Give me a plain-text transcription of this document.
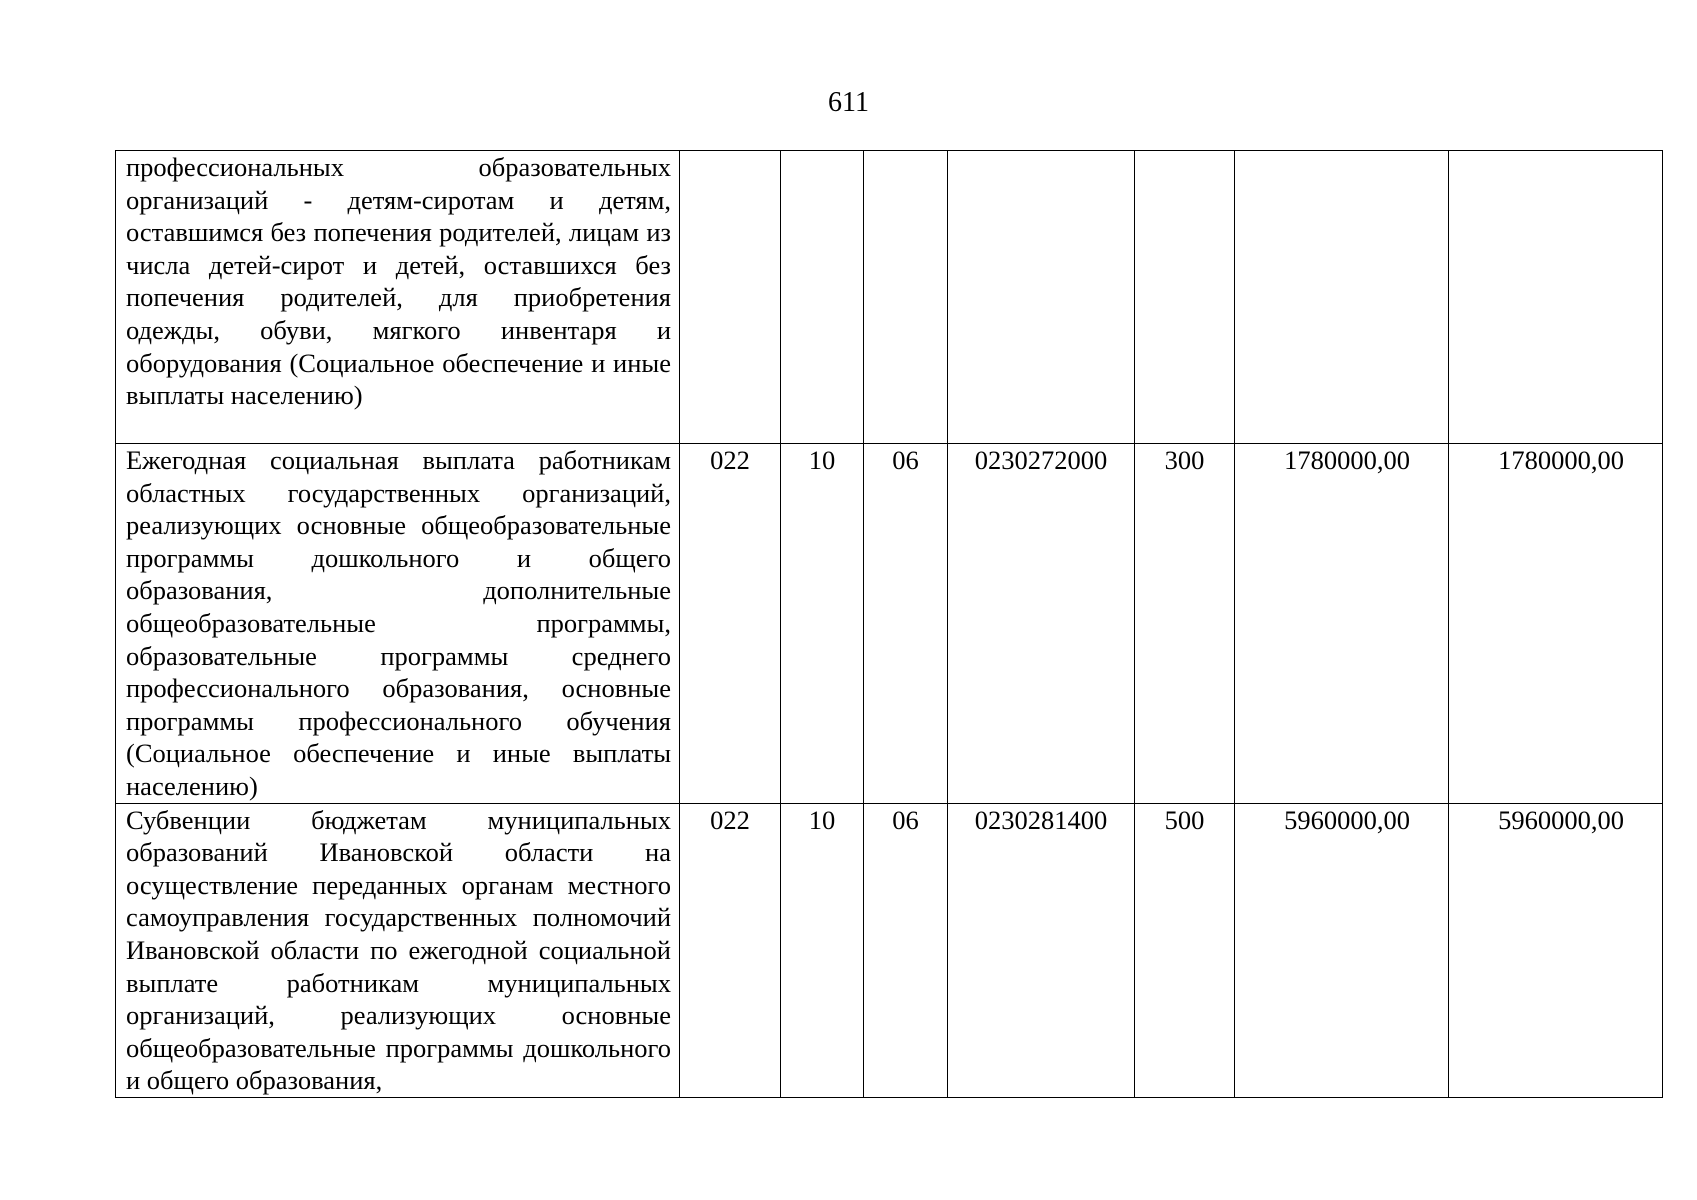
611
профессиональных образовательных организаций - детям-сиротам и детям, оставшимся без попечения родителей, лицам из числа детей-сирот и детей, оставшихся без попечения родителей, для приобретения одежды, обуви, мягкого инвентаря и оборудования (Социальное обеспечение и иные выплаты населению)							
Ежегодная социальная выплата работникам областных государственных организаций, реализующих основные общеобразовательные программы дошкольного и общего образования, дополнительные общеобразовательные программы, образовательные программы среднего профессионального образования, основные программы профессионального обучения (Социальное обеспечение и иные выплаты населению)	022	10	06	0230272000	300	1780000,00	1780000,00
Субвенции бюджетам муниципальных образований Ивановской области на осуществление переданных органам местного самоуправления государственных полномочий Ивановской области по ежегодной социальной выплате работникам муниципальных организаций, реализующих основные общеобразовательные программы дошкольного и общего образования,	022	10	06	0230281400	500	5960000,00	5960000,00
